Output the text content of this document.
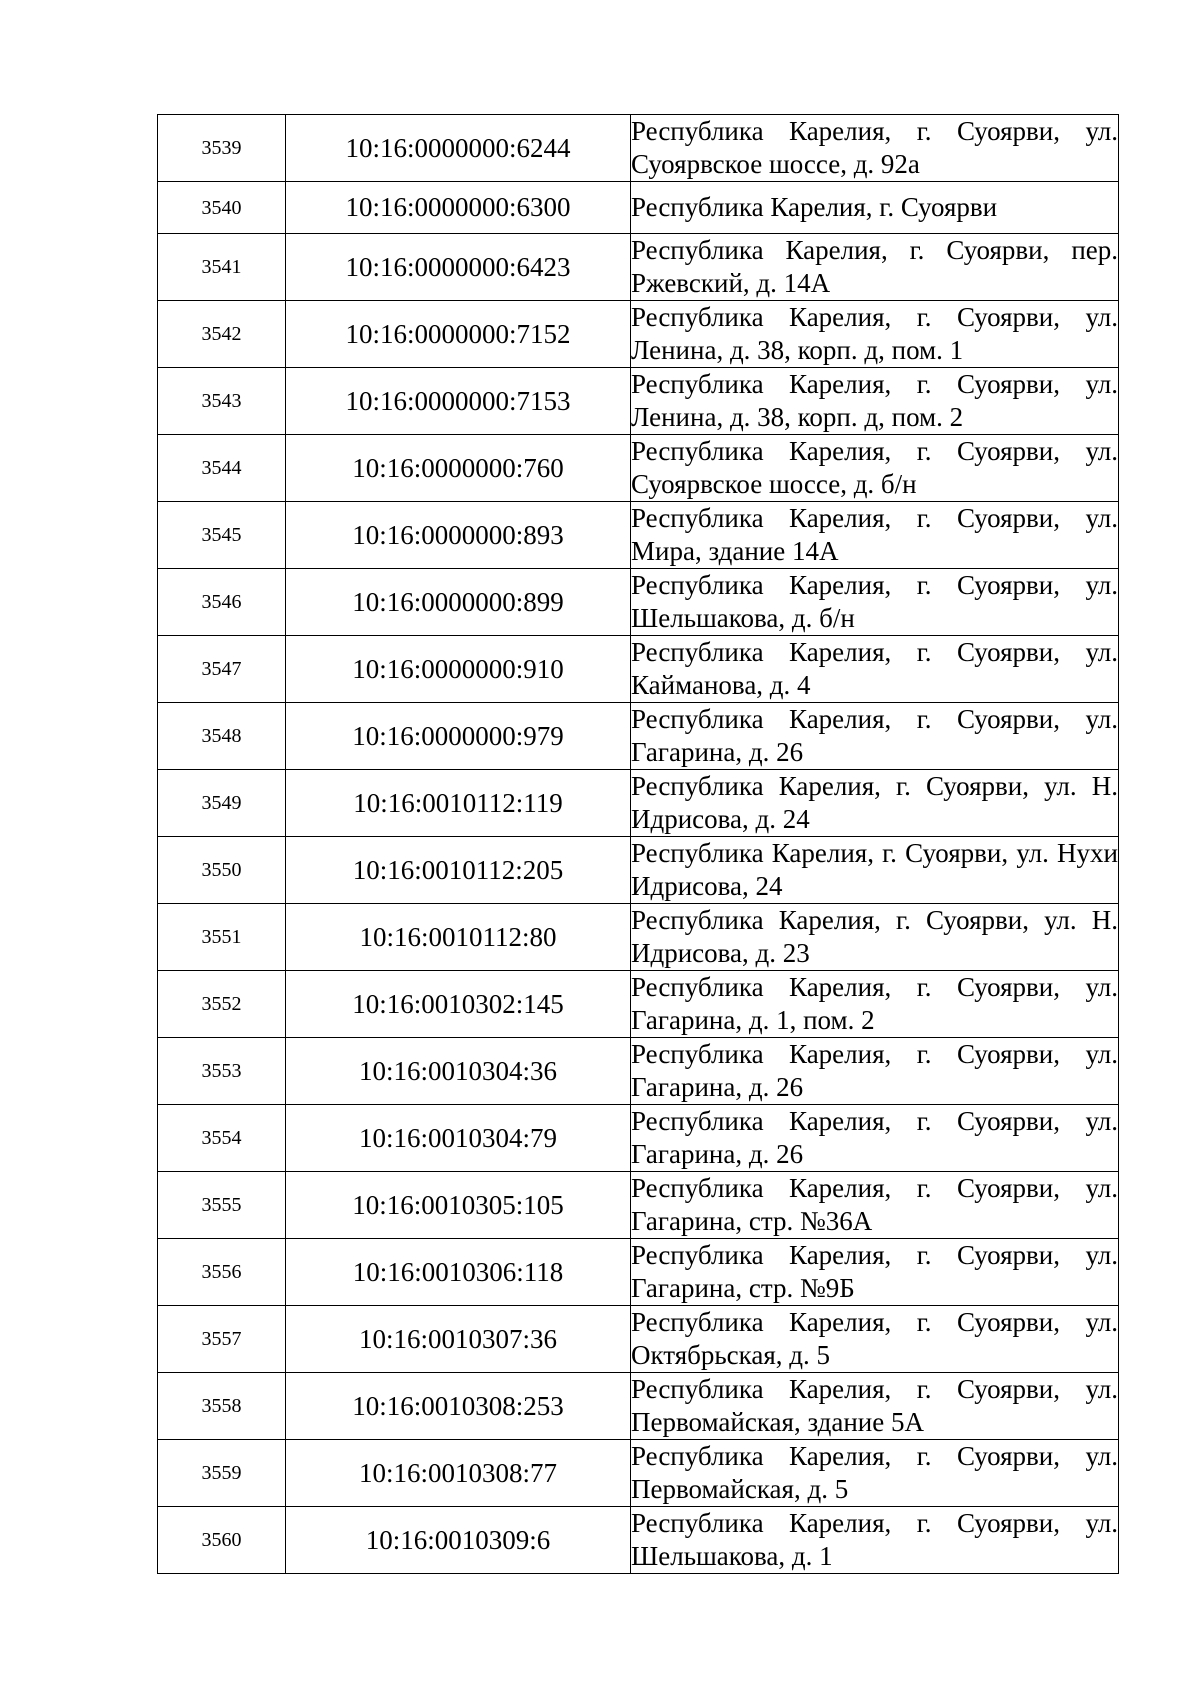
3539	10:16:0000000:6244	Республика Карелия, г. Суоярви, ул. Суоярвское шоссе, д. 92а

3540	10:16:0000000:6300	Республика Карелия, г. Суоярви

3541	10:16:0000000:6423	Республика Карелия, г. Суоярви, пер. Ржевский, д. 14А

3542	10:16:0000000:7152	Республика Карелия, г. Суоярви, ул. Ленина, д. 38, корп. д, пом. 1

3543	10:16:0000000:7153	Республика Карелия, г. Суоярви, ул. Ленина, д. 38, корп. д, пом. 2

3544	10:16:0000000:760	Республика Карелия, г. Суоярви, ул. Суоярвское шоссе, д. б/н

3545	10:16:0000000:893	Республика Карелия, г. Суоярви, ул. Мира, здание 14А

3546	10:16:0000000:899	Республика Карелия, г. Суоярви, ул. Шельшакова, д. б/н

3547	10:16:0000000:910	Республика Карелия, г. Суоярви, ул. Кайманова, д. 4

3548	10:16:0000000:979	Республика Карелия, г. Суоярви, ул. Гагарина, д. 26

3549	10:16:0010112:119	Республика Карелия, г. Суоярви, ул. Н. Идрисова, д. 24

3550	10:16:0010112:205	Республика Карелия, г. Суоярви, ул. Нухи Идрисова, 24

3551	10:16:0010112:80	Республика Карелия, г. Суоярви, ул. Н. Идрисова, д. 23

3552	10:16:0010302:145	Республика Карелия, г. Суоярви, ул. Гагарина, д. 1, пом. 2

3553	10:16:0010304:36	Республика Карелия, г. Суоярви, ул. Гагарина, д. 26

3554	10:16:0010304:79	Республика Карелия, г. Суоярви, ул. Гагарина, д. 26

3555	10:16:0010305:105	Республика Карелия, г. Суоярви, ул. Гагарина, стр. №36А

3556	10:16:0010306:118	Республика Карелия, г. Суоярви, ул. Гагарина, стр. №9Б

3557	10:16:0010307:36	Республика Карелия, г. Суоярви, ул. Октябрьская, д. 5

3558	10:16:0010308:253	Республика Карелия, г. Суоярви, ул. Первомайская, здание 5А

3559	10:16:0010308:77	Республика Карелия, г. Суоярви, ул. Первомайская, д. 5

3560	10:16:0010309:6	Республика Карелия, г. Суоярви, ул. Шельшакова, д. 1
